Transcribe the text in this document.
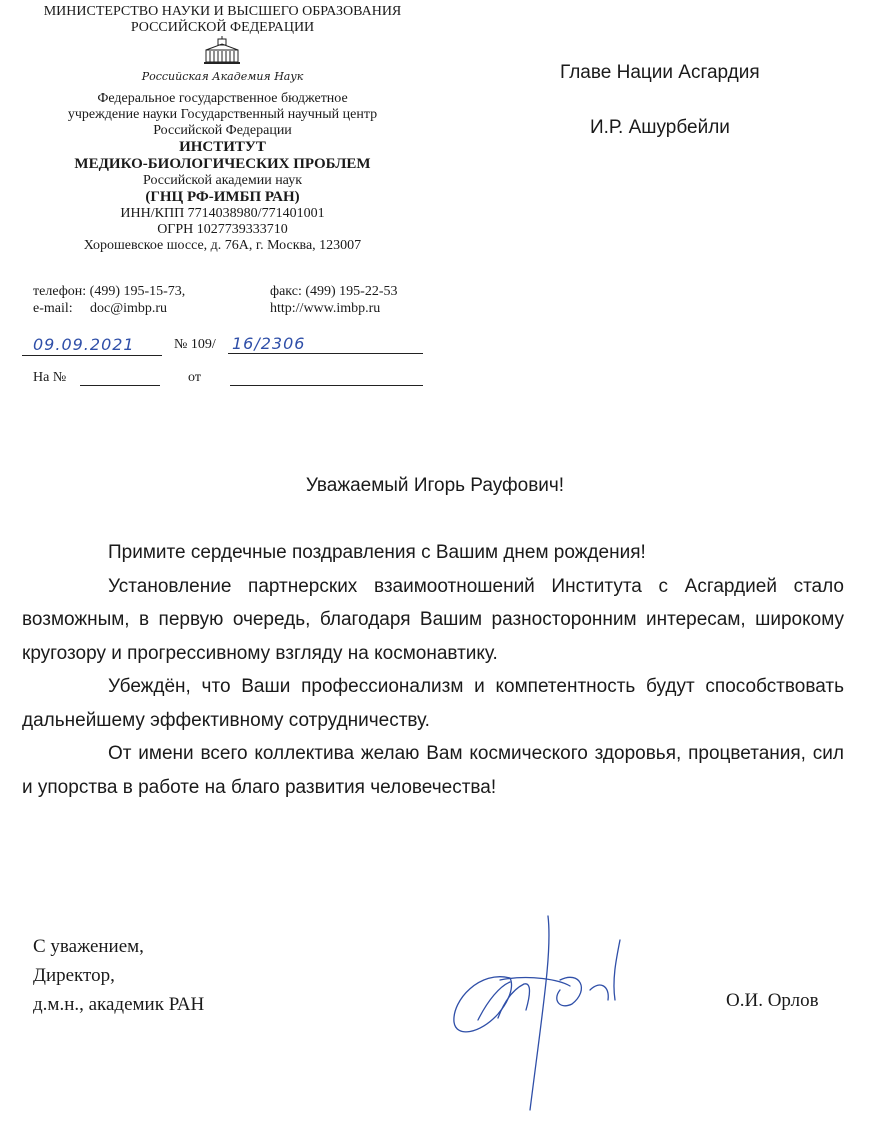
МИНИСТЕРСТВО НАУКИ И ВЫСШЕГО ОБРАЗОВАНИЯ
РОССИЙСКОЙ ФЕДЕРАЦИИ
Российская Академия Наук
Федеральное государственное бюджетное
учреждение науки Государственный научный центр
Российской Федерации
ИНСТИТУТ
МЕДИКО-БИОЛОГИЧЕСКИХ ПРОБЛЕМ
Российской академии наук
(ГНЦ РФ-ИМБП РАН)
ИНН/КПП 7714038980/771401001
ОГРН 1027739333710
Хорошевское шоссе, д. 76А, г. Москва, 123007
телефон: (499) 195-15-73,	факс: (499) 195-22-53
e-mail: doc@imbp.ru	http://www.imbp.ru
09.09.2021	№ 109/ 16/2306
На №	от
Главе Нации Асгардия
И.Р. Ашурбейли
Уважаемый Игорь Рауфович!

Примите сердечные поздравления с Вашим днем рождения!

Установление партнерских взаимоотношений Института с Асгардией стало возможным, в первую очередь, благодаря Вашим разносторонним интересам, широкому кругозору и прогрессивному взгляду на космонавтику.

Убеждён, что Ваши профессионализм и компетентность будут способствовать дальнейшему эффективному сотрудничеству.

От имени всего коллектива желаю Вам космического здоровья, процветания, сил и упорства в работе на благо развития человечества!

С уважением,
Директор,
д.м.н., академик РАН	О.И. Орлов
